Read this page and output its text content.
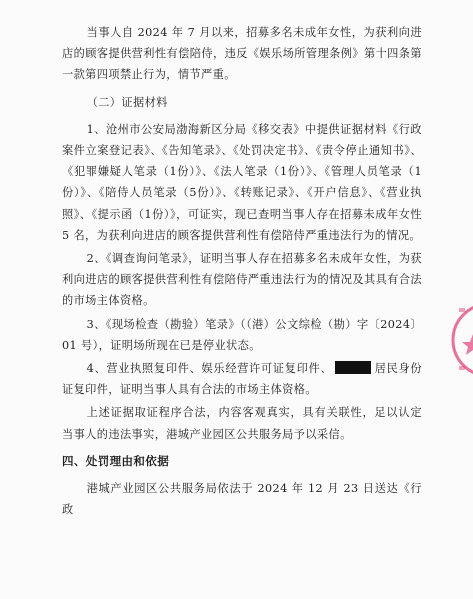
当事人自 2024 年 7 月以来，招募多名未成年女性，为获利向进店的顾客提供营利性有偿陪侍，违反《娱乐场所管理条例》第十四条第一款第四项禁止行为，情节严重。

（二）证据材料

1、沧州市公安局渤海新区分局《移交表》中提供证据材料《行政案件立案登记表》、《告知笔录》、《处罚决定书》、《责令停止通知书》、《犯罪嫌疑人笔录（1份）》、《法人笔录（1份）》、《管理人员笔录（1份）》、《陪侍人员笔录（5份）》、《转账记录》、《开户信息》、《营业执照》、《提示函（1份）》，可证实，现已查明当事人存在招募未成年女性 5 名，为获利向进店的顾客提供营利性有偿陪侍严重违法行为的情况。

2、《调查询问笔录》，证明当事人存在招募多名未成年女性，为获利向进店的顾客提供营利性有偿陪侍严重违法行为的情况及其具有合法的市场主体资格。

3、《现场检查（勘验）笔录》（（港）公文综检（勘）字〔2024〕01 号），证明场所现在已是停业状态。

4、营业执照复印件、娱乐经营许可证复印件、	居民身份证复印件，证明当事人具有合法的市场主体资格。

上述证据取证程序合法，内容客观真实，具有关联性，足以认定当事人的违法事实，港城产业园区公共服务局予以采信。

四、处罚理由和依据

港城产业园区公共服务局依法于 2024 年 12 月 23 日送达《行政
